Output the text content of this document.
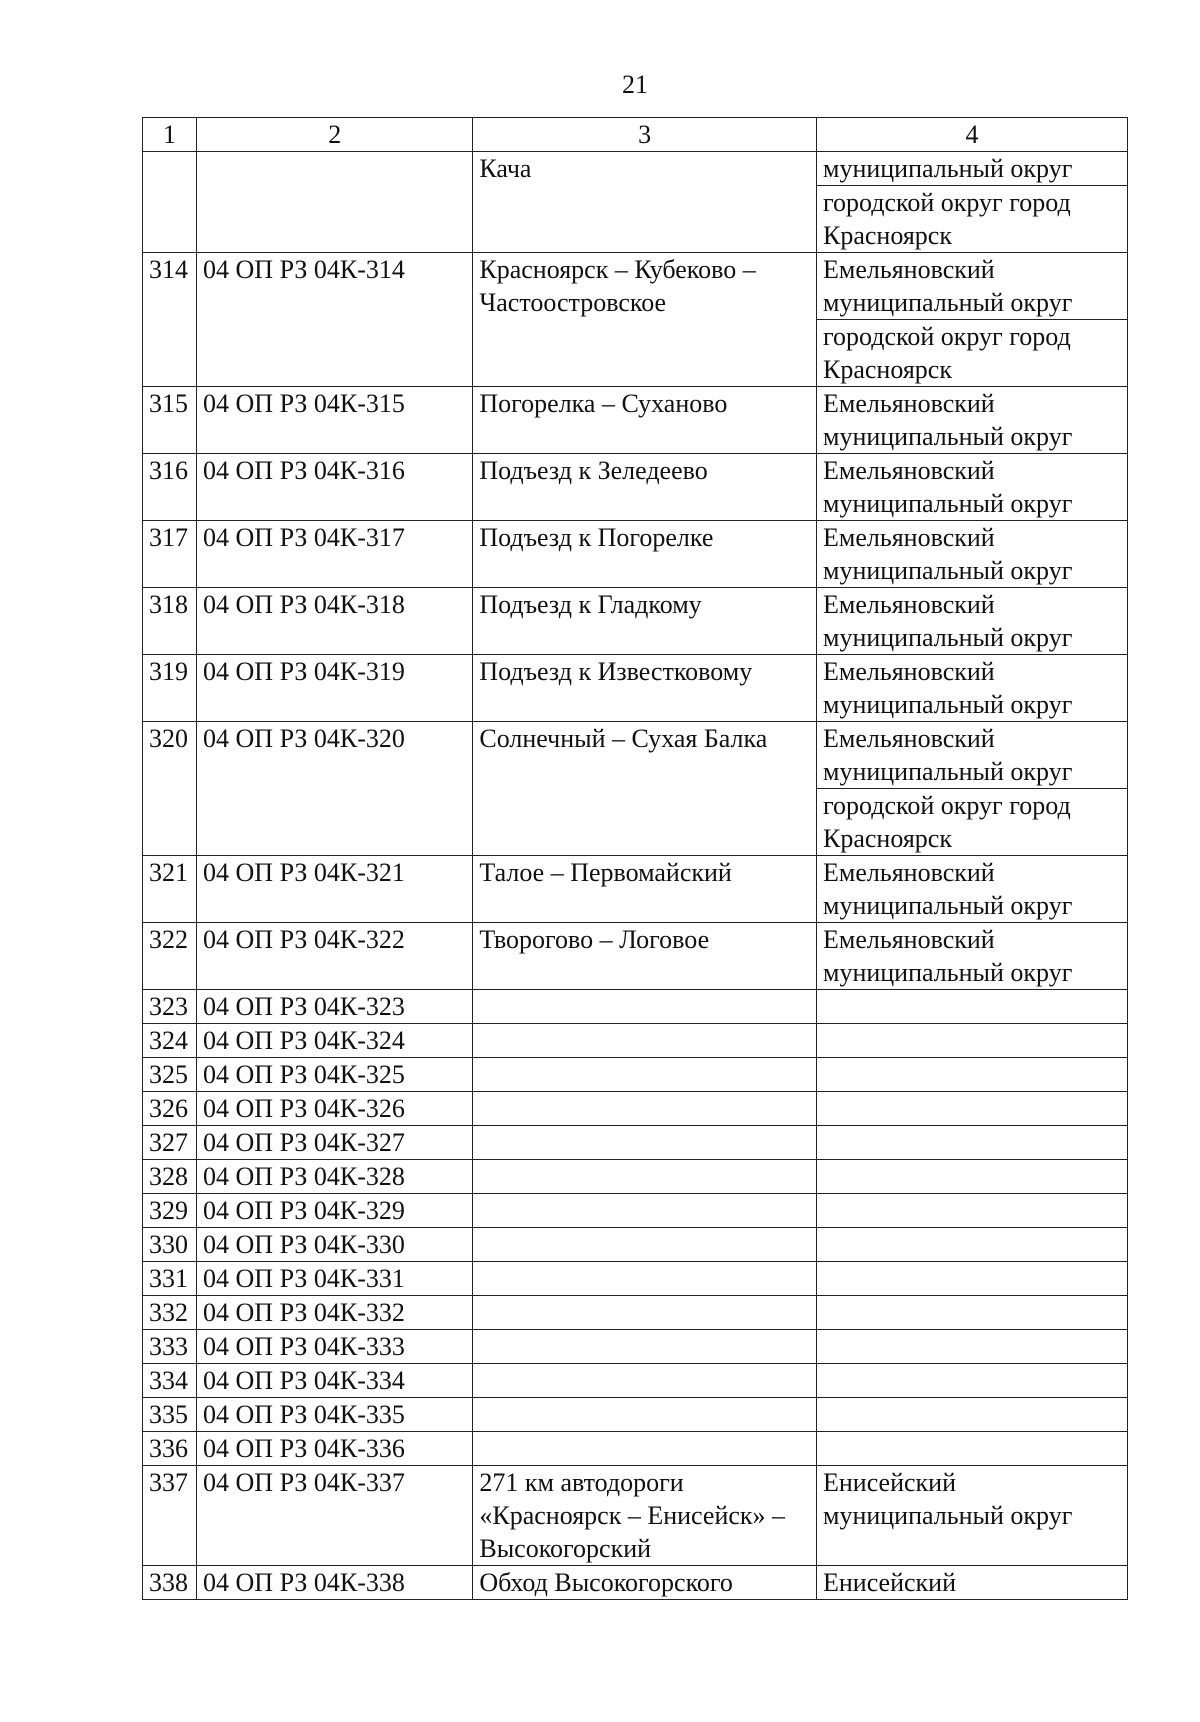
21
1	2	3	4
		Кача	муниципальный округ
городской округ город Красноярск

314	04 ОП РЗ 04К-314	Красноярск – Кубеково – Частоостровское	Емельяновский муниципальный округ
городской округ город Красноярск

315	04 ОП РЗ 04К-315	Погорелка – Суханово	Емельяновский муниципальный округ

316	04 ОП РЗ 04К-316	Подъезд к Зеледеево	Емельяновский муниципальный округ

317	04 ОП РЗ 04К-317	Подъезд к Погорелке	Емельяновский муниципальный округ

318	04 ОП РЗ 04К-318	Подъезд к Гладкому	Емельяновский муниципальный округ

319	04 ОП РЗ 04К-319	Подъезд к Известковому	Емельяновский муниципальный округ

320	04 ОП РЗ 04К-320	Солнечный – Сухая Балка	Емельяновский муниципальный округ
городской округ город Красноярск

321	04 ОП РЗ 04К-321	Талое – Первомайский	Емельяновский муниципальный округ

322	04 ОП РЗ 04К-322	Творогово – Логовое	Емельяновский муниципальный округ

323	04 ОП РЗ 04К-323		

324	04 ОП РЗ 04К-324		

325	04 ОП РЗ 04К-325		

326	04 ОП РЗ 04К-326		

327	04 ОП РЗ 04К-327		

328	04 ОП РЗ 04К-328		

329	04 ОП РЗ 04К-329		

330	04 ОП РЗ 04К-330		

331	04 ОП РЗ 04К-331		

332	04 ОП РЗ 04К-332		

333	04 ОП РЗ 04К-333		

334	04 ОП РЗ 04К-334		

335	04 ОП РЗ 04К-335		

336	04 ОП РЗ 04К-336		

337	04 ОП РЗ 04К-337	271 км автодороги «Красноярск – Енисейск» – Высокогорский	Енисейский муниципальный округ

338	04 ОП РЗ 04К-338	Обход Высокогорского	Енисейский
